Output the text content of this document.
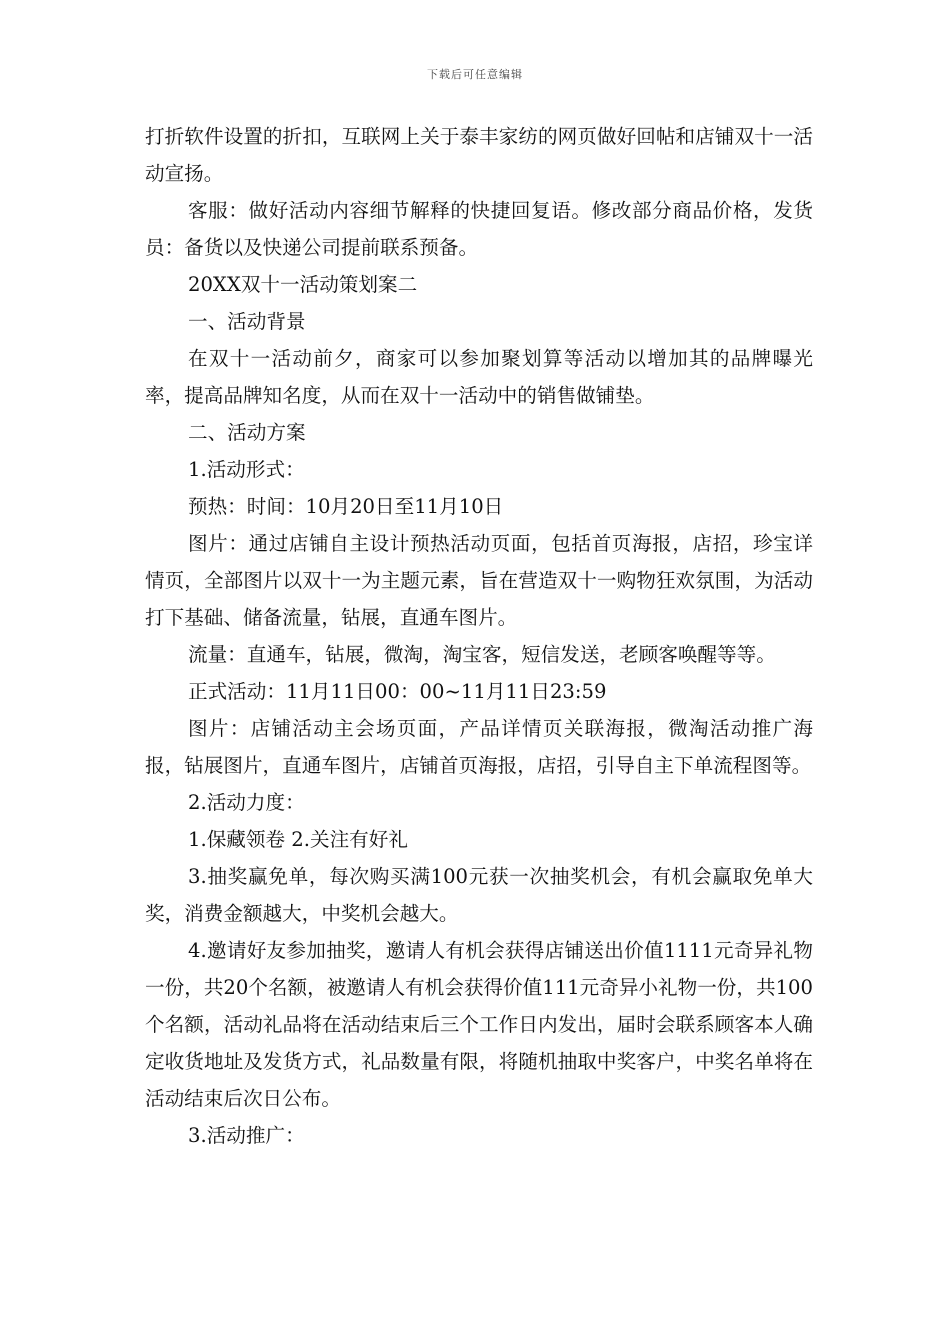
下载后可任意编辑

打折软件设置的折扣，互联网上关于泰丰家纺的网页做好回帖和店铺双十一活动宣扬。

客服：做好活动内容细节解释的快捷回复语。修改部分商品价格，发货员：备货以及快递公司提前联系预备。

20XX双十一活动策划案二

一、活动背景

在双十一活动前夕，商家可以参加聚划算等活动以增加其的品牌曝光率，提高品牌知名度，从而在双十一活动中的销售做铺垫。

二、活动方案

1.活动形式：

预热：时间：10月20日至11月10日

图片：通过店铺自主设计预热活动页面，包括首页海报，店招，珍宝详情页，全部图片以双十一为主题元素，旨在营造双十一购物狂欢氛围，为活动打下基础、储备流量，钻展，直通车图片。

流量：直通车，钻展，微淘，淘宝客，短信发送，老顾客唤醒等等。

正式活动：11月11日00：00~11月11日23:59

图片：店铺活动主会场页面，产品详情页关联海报，微淘活动推广海报，钻展图片，直通车图片，店铺首页海报，店招，引导自主下单流程图等。

2.活动力度：

1.保藏领卷 2.关注有好礼

3.抽奖赢免单，每次购买满100元获一次抽奖机会，有机会赢取免单大奖，消费金额越大，中奖机会越大。

4.邀请好友参加抽奖，邀请人有机会获得店铺送出价值1111元奇异礼物一份，共20个名额，被邀请人有机会获得价值111元奇异小礼物一份，共100个名额，活动礼品将在活动结束后三个工作日内发出，届时会联系顾客本人确定收货地址及发货方式，礼品数量有限，将随机抽取中奖客户，中奖名单将在活动结束后次日公布。

3.活动推广：
